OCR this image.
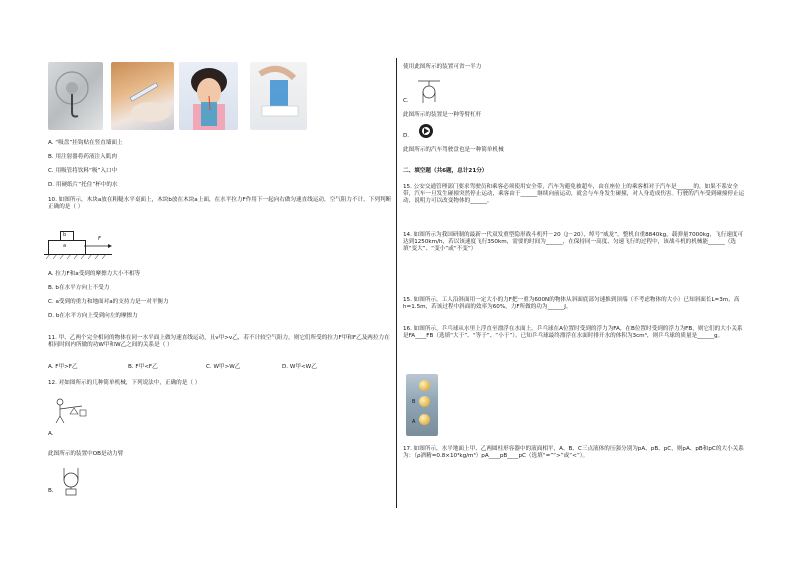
A. “吸盘”挂钩贴在竖直墙面上
B. 用注射器将药液注入肌肉
C. 用吸管将饮料“吸”入口中
D. 用硬纸片“托住”杯中的水
10. 如图所示，木块a放在粗糙水平桌面上，木块b放在木块a上面，在水平拉力F作用下一起向右做匀速直线运动，空气阻力不计，下列判断正确的是（ ）
b
a
F
A. 拉力F和a受到的摩擦力大小不相等
B. b在水平方向上不受力
C. a受到的重力和地面对a的支持力是一对平衡力
D. b在水平方向上受到向左的摩擦力
11. 甲、乙两个完全相同的物体在同一水平面上做匀速直线运动，且v甲>v乙，若不计较空气阻力，则它们所受的拉力F甲和F乙及两拉力在相同时间内所做的功W甲和W乙之间的关系是（ ）
A. F甲>F乙	B. F甲<F乙	C. W甲>W乙	D. W甲<W乙
12. 对如图所示的几种简单机械，下列说法中，正确的是（ ）
A.
此图所示的装置中OB是动力臂
B.
使用此图所示的装置可省一半力
C.
此图所示的装置是一种等臂杠杆
D.
此图所示的汽车驾驶盘也是一种简单机械
二、填空题（共6题，总计21分）
15. 公安交通管理部门要求驾驶员和乘客必须使用安全带，汽车为避免被超车，由在座位上的乘客相对于汽车是______的，如果不系安全带，汽车一旦发生碰撞突然停止运动，乘客由于______继续向前运动，就会与车身发生碰撞，对人身造成伤害。行驶的汽车受到碰撞停止运动，说明力可以改变物体的______。
14. 如图所示为我国研制的最新一代双发重型隐形战斗机歼－20（J－20），绰号“威龙”，整机自重8840kg，载弹量7000kg，飞行速度可达到1250km/h，若以该速度飞行350km，需要的时间为______，在保持同一高度、匀速飞行的过程中，该战斗机的机械能______（选填“变大”、“变小”或“不变”）
15. 如图所示，工人沿斜面用一定大小的力F把一重为600N的物体从斜面底部匀速推到顶端（不考虑物体的大小）已知斜面长L=3m，高h=1.5m，若该过程中斜面的效率为60%，力F所做的功为______J。
16. 如图所示，乒乓球从水里上浮直至漂浮在水面上，乒乓球在A位置时受到的浮力为FA，在B位置时受到的浮力为FB，则它们的大小关系是FA____FB（选填“大于”、“等于”、“小于”）。已知乒乓球最终漂浮在水面时排开水的体积为3cm³，则乒乓球的质量是______g。
B
A
17. 如图所示，水平地面上甲、乙两圆柱形容器中的液面相平，A、B、C三点液体的压强分别为pA、pB、pC，则pA、pB和pC的大小关系为：（ρ酒精=0.8×10³kg/m³）pA____pB____pC（选填“=”“>”或“<”）。
